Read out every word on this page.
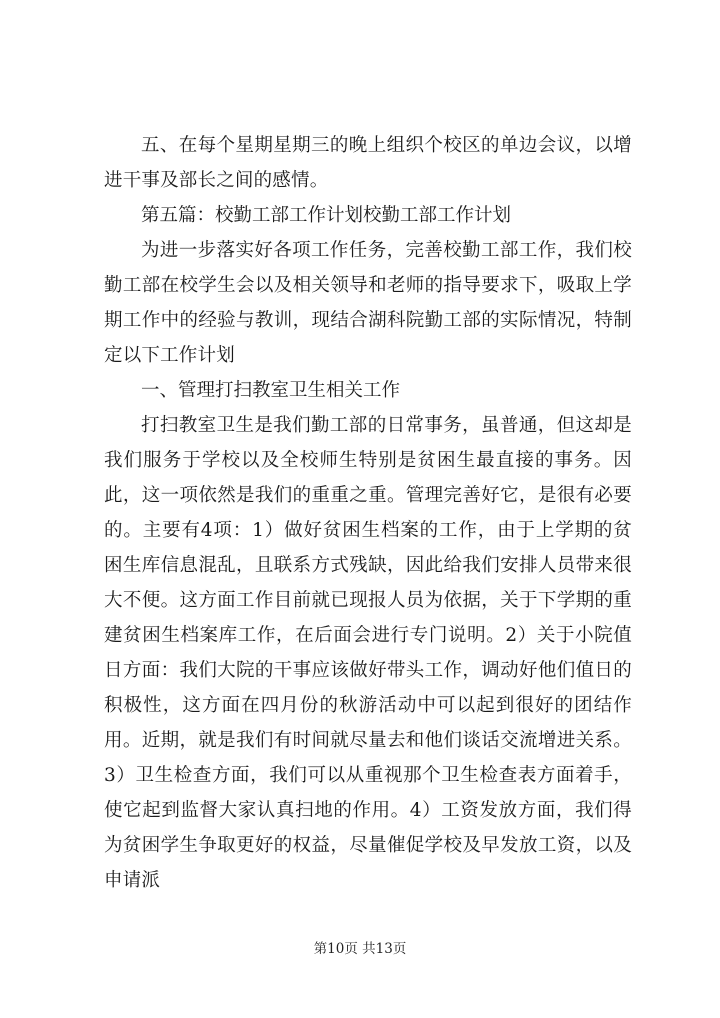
五、在每个星期星期三的晚上组织个校区的单边会议，以增进干事及部长之间的感情。

第五篇：校勤工部工作计划校勤工部工作计划

为进一步落实好各项工作任务，完善校勤工部工作，我们校勤工部在校学生会以及相关领导和老师的指导要求下，吸取上学期工作中的经验与教训，现结合湖科院勤工部的实际情况，特制定以下工作计划

一、管理打扫教室卫生相关工作

打扫教室卫生是我们勤工部的日常事务，虽普通，但这却是我们服务于学校以及全校师生特别是贫困生最直接的事务。因此，这一项依然是我们的重重之重。管理完善好它，是很有必要的。主要有4项：1）做好贫困生档案的工作，由于上学期的贫困生库信息混乱，且联系方式残缺，因此给我们安排人员带来很大不便。这方面工作目前就已现报人员为依据，关于下学期的重建贫困生档案库工作，在后面会进行专门说明。2）关于小院值日方面：我们大院的干事应该做好带头工作，调动好他们值日的积极性，这方面在四月份的秋游活动中可以起到很好的团结作用。近期，就是我们有时间就尽量去和他们谈话交流增进关系。3）卫生检查方面，我们可以从重视那个卫生检查表方面着手，使它起到监督大家认真扫地的作用。4）工资发放方面，我们得为贫困学生争取更好的权益，尽量催促学校及早发放工资，以及申请派

第10页 共13页
